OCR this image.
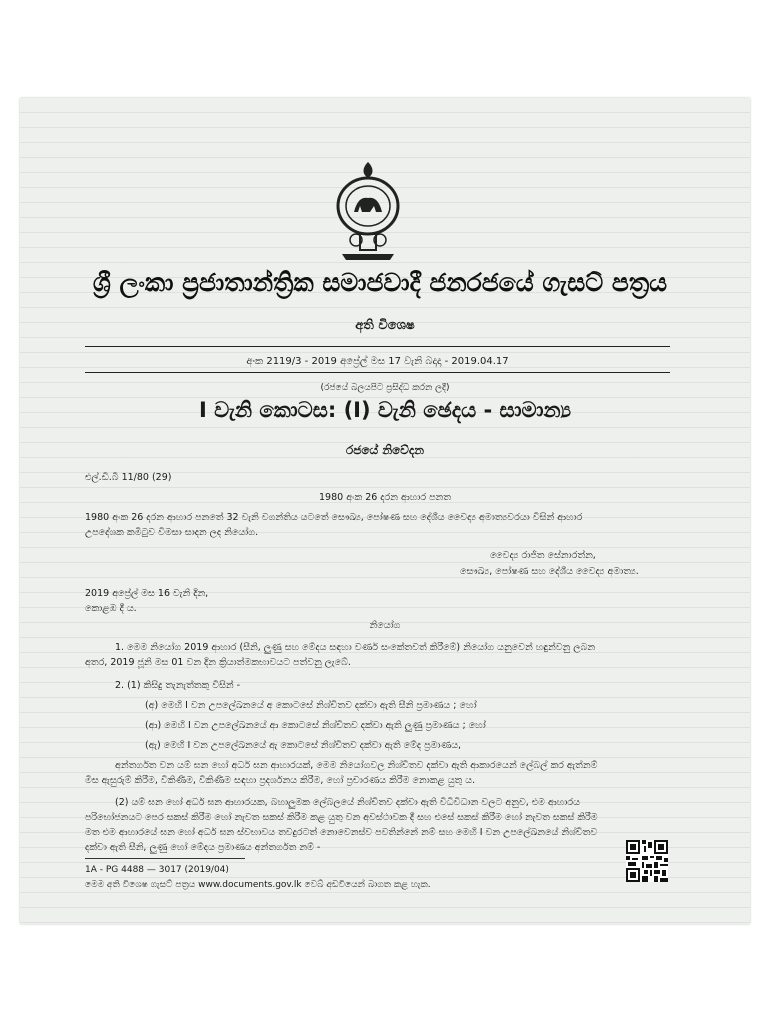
ශ්‍රී ලංකා ප්‍රජාතාන්ත්‍රික සමාජවාදී ජනරජයේ ගැසට් පත්‍රය
අති විශෙෂ
අංක 2119/3 - 2019 අප්‍රේල් මස 17 වැනි බදාදා - 2019.04.17
(රජයේ බලයපිට ප්‍රසිද්ධ කරන ලදී)
I වැනි කොටස: (I) වැනි ඡෙදය - සාමාන්‍ය
රජයේ නිවේදන
එල්.ඩී.බී 11/80 (29)
1980 අංක 26 දරන ආහාර පනත
1980 අංක 26 දරන ආහාර පනතේ 32 වැනි වගන්තිය යටතේ සෞඛ්‍ය, පෝෂණ සහ දේශීය වෛද්‍ය අමාත්‍යවරයා විසින් ආහාර
උපදේශක කමිටුව විමසා සාදන ලද නියෝග.
වෛද්‍ය රාජිත සේනාරත්න,
සෞඛ්‍ය, පෝෂණ සහ දේශීය වෛද්‍ය අමාත්‍ය.
2019 අප්‍රේල් මස 16 වැනි දින,
කොළඹ දී ය.
නියෝග
1. මෙම නියෝග 2019 ආහාර (සීනි, ලුණු සහ මේදය සඳහා වර්ණ සංකේතවත් කිරීමේ) නියෝග යනුවෙන් හඳුන්වනු ලබන
අතර, 2019 ජූනි මස 01 වන දින ක්‍රියාත්මකභාවයට පත්වනු ලැබේ.
2. (1) කිසිදු තැනැත්තකු විසින් -
(අ) මෙහි I වන උපලේඛනයේ අ කොටසේ නිශ්චිතව දක්වා ඇති සීනි ප්‍රමාණය ; හෝ
(ආ) මෙහි I වන උපලේඛනයේ ආ කොටසේ නිශ්චිතව දක්වා ඇති ලුණු ප්‍රමාණය ; හෝ
(ඇ) මෙහි I වන උපලේඛනයේ ඇ කොටසේ නිශ්චිතව දක්වා ඇති මේද ප්‍රමාණය,
අන්තර්ගත වන යම් ඝන හෝ අර්ධ ඝන ආහාරයක්, මෙම නියෝගවල නිශ්චිතව දක්වා ඇති ආකාරයෙන් ලේබල් කර ඇත්නම්
මිස ඇසුරුම් කිරීම, විකිණීම, විකිණීම සඳහා ප්‍රදර්ශනය කිරීම, හෝ ප්‍රචාරණය කිරීම නොකළ යුතු ය.
(2) යම් ඝන හෝ අර්ධ ඝන ආහාරයක, බහාලුමක ලේබලයේ නිශ්චිතව දක්වා ඇති විධිවිධාන වලට අනුව, එම ආහාරය
පරිභෝජනයට පෙර සකස් කිරීම හෝ නැවත සකස් කිරීම කළ යුතු වන අවස්ථාවක දී සහ එසේ සකස් කිරීම හෝ නැවත සකස් කිරීම
මත එම ආහාරයේ ඝන හෝ අර්ධ ඝන ස්වභාවය තවදුරටත් නොවෙනස්ව පවතින්නේ නම් සහ මෙහි I වන උපලේඛනයේ නිශ්චිතව
දක්වා ඇති සීනි, ලුණු හෝ මේදය ප්‍රමාණය අන්තර්ගත නම් -
1A - PG 4488 — 3017 (2019/04)
මෙම අති විශෙෂ ගැසට් පත්‍රය www.documents.gov.lk වෙබ් අඩවියෙන් බාගත කළ හැක.
